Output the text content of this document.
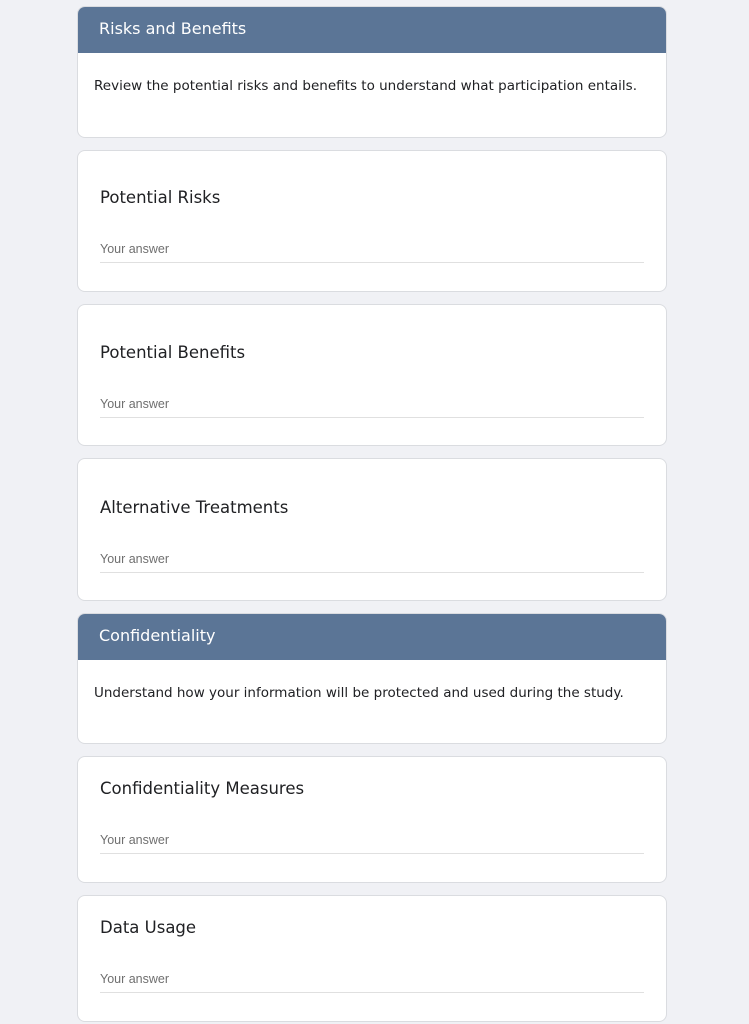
Risks and Benefits
Review the potential risks and benefits to understand what participation entails.
Potential Risks
Your answer
Potential Benefits
Your answer
Alternative Treatments
Your answer
Confidentiality
Understand how your information will be protected and used during the study.
Confidentiality Measures
Your answer
Data Usage
Your answer
